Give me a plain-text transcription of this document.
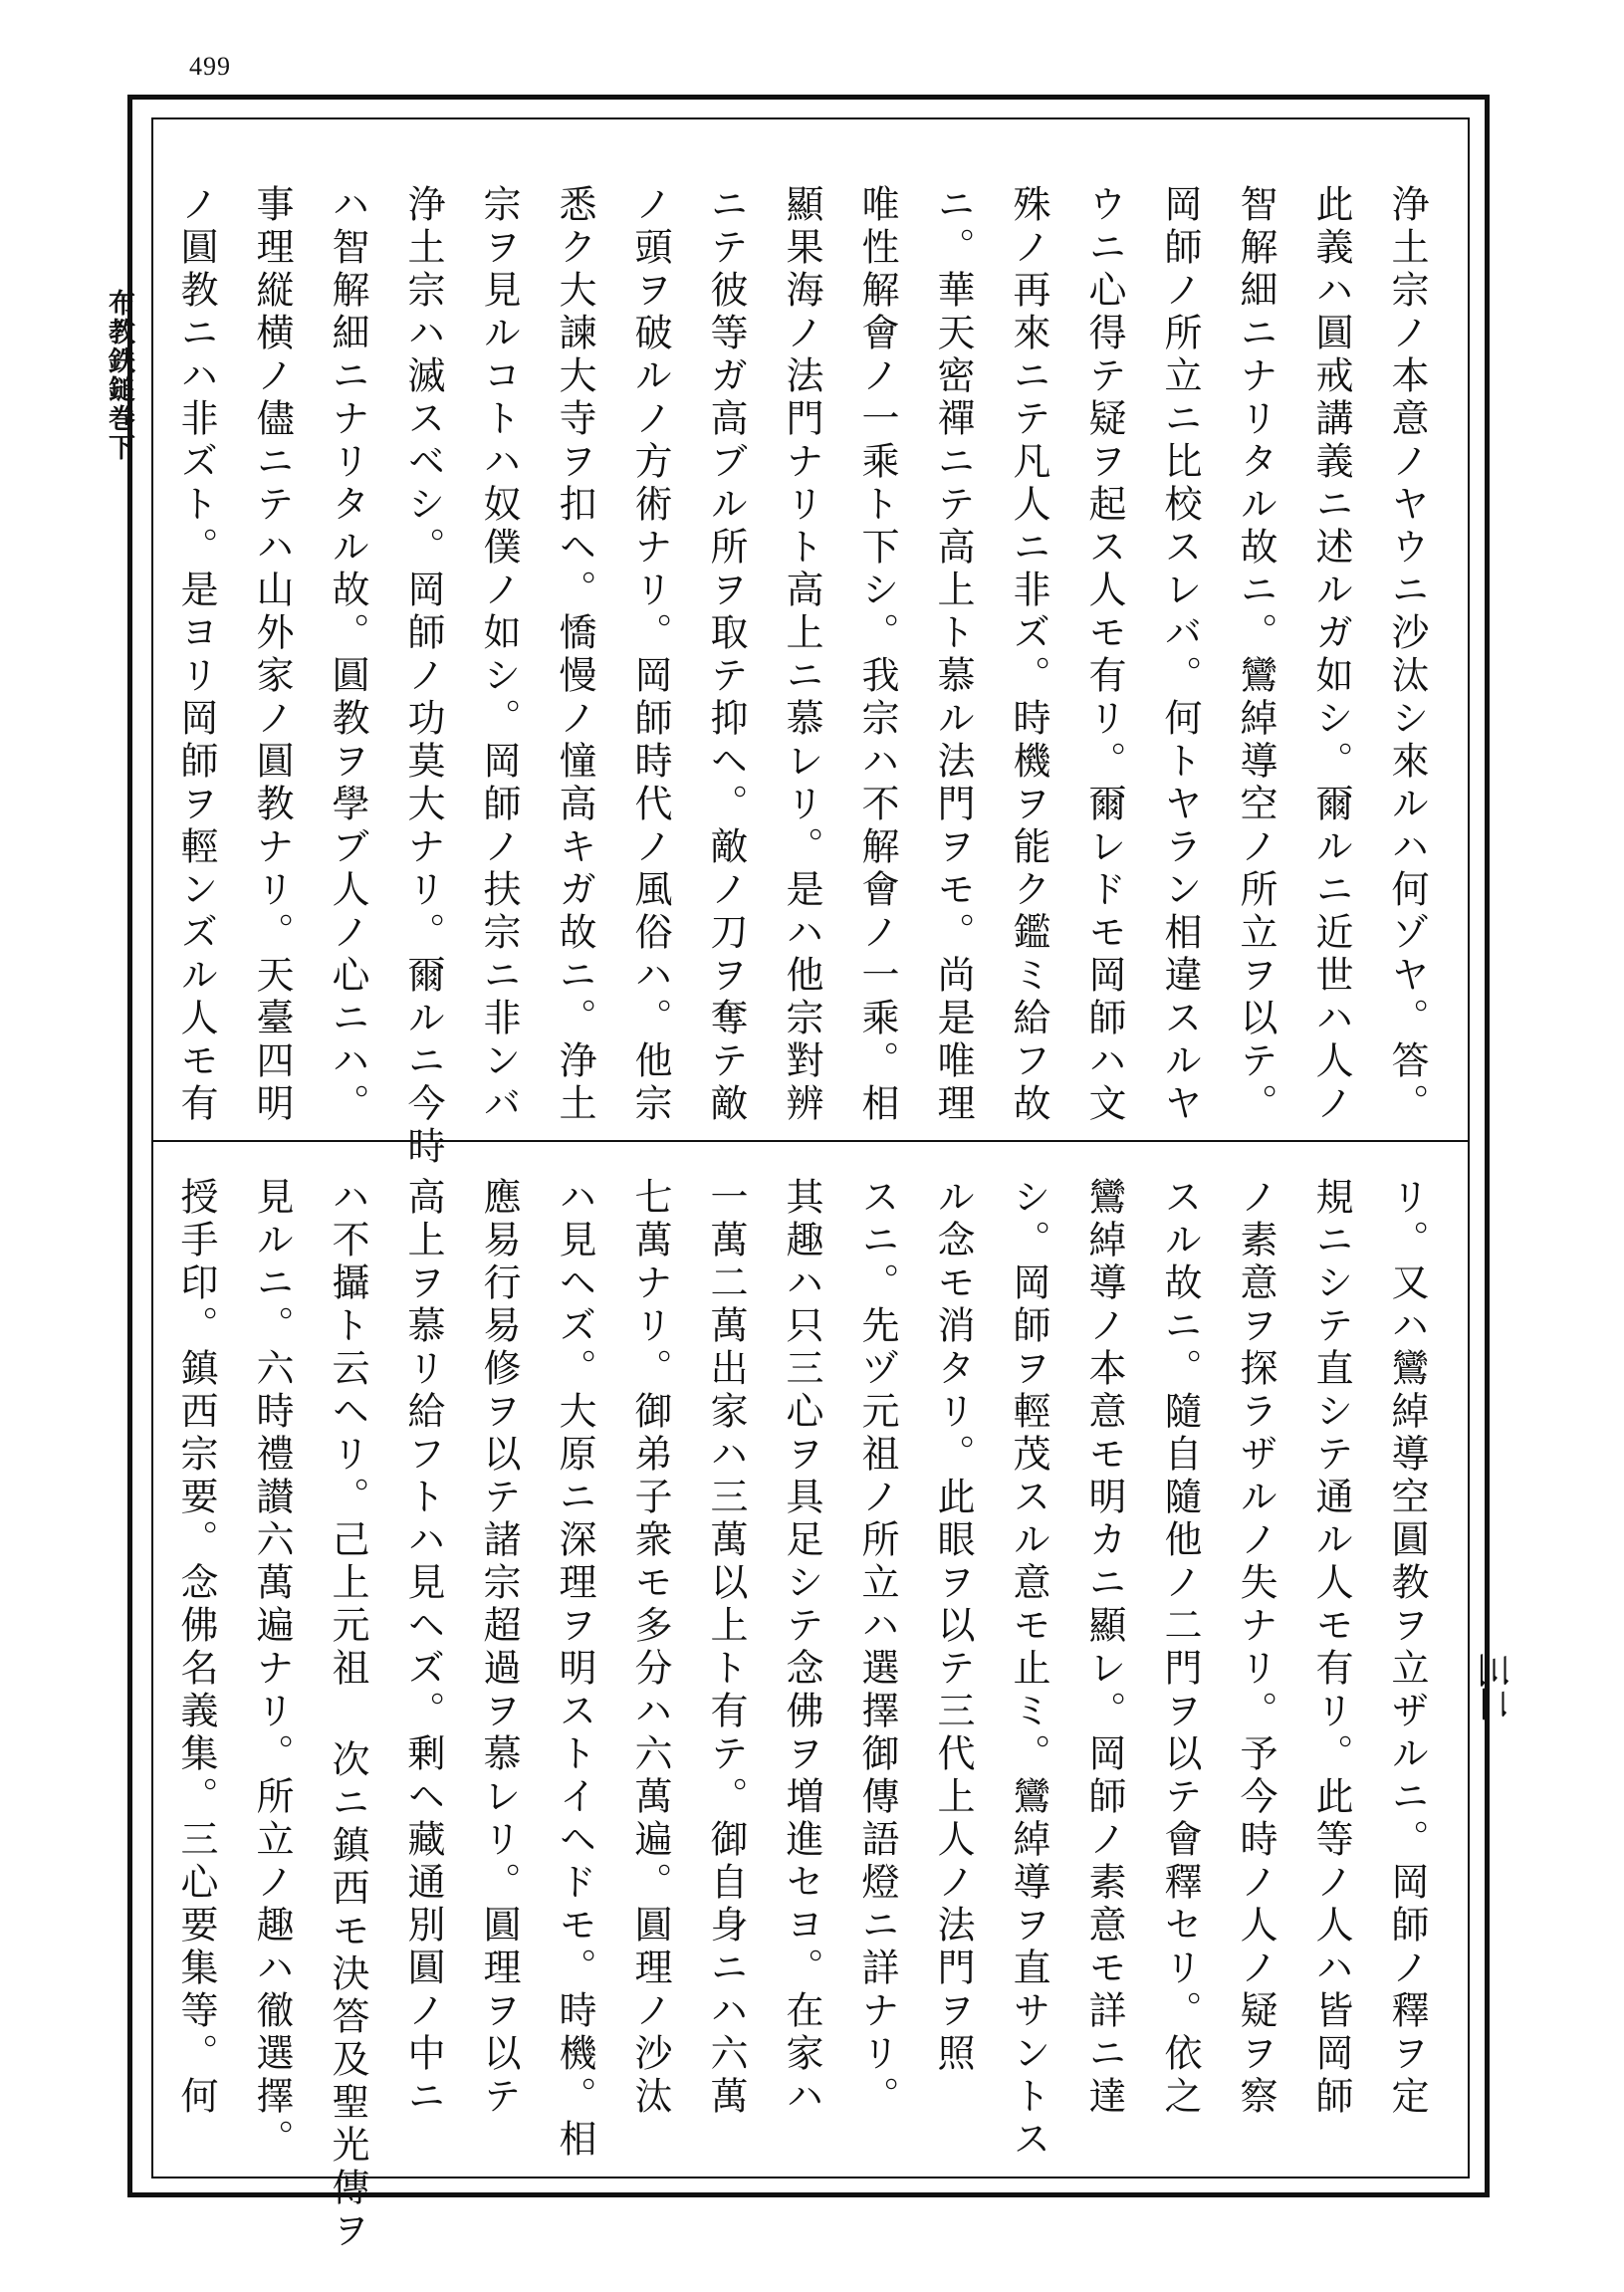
499
布教鉄鎚巻下
三二
浄土宗ノ本意ノヤウニ沙汰シ來ルハ何ゾヤ。答。
此義ハ圓戒講義ニ述ルガ如シ。爾ルニ近世ハ人ノ
智解細ニナリタル故ニ。鸞綽導空ノ所立ヲ以テ。
岡師ノ所立ニ比校スレバ。何トヤラン相違スルヤ
ウニ心得テ疑ヲ起ス人モ有リ。爾レドモ岡師ハ文
殊ノ再來ニテ凡人ニ非ズ。時機ヲ能ク鑑ミ給フ故
ニ。華天密禪ニテ高上ト慕ル法門ヲモ。尚是唯理
唯性解會ノ一乘ト下シ。我宗ハ不解會ノ一乘。相
顯果海ノ法門ナリト高上ニ慕レリ。是ハ他宗對辨
ニテ彼等ガ高ブル所ヲ取テ抑ヘ。敵ノ刀ヲ奪テ敵
ノ頭ヲ破ルノ方術ナリ。岡師時代ノ風俗ハ。他宗
悉ク大諫大寺ヲ扣ヘ。憍慢ノ憧高キガ故ニ。浄土
宗ヲ見ルコトハ奴僕ノ如シ。岡師ノ扶宗ニ非ンバ
浄土宗ハ滅スベシ。岡師ノ功莫大ナリ。爾ルニ今時
ハ智解細ニナリタル故。圓教ヲ學ブ人ノ心ニハ。
事理縦横ノ儘ニテハ山外家ノ圓教ナリ。天臺四明
ノ圓教ニハ非ズト。是ヨリ岡師ヲ輕ンズル人モ有
リ。又ハ鸞綽導空圓教ヲ立ザルニ。岡師ノ釋ヲ定
規ニシテ直シテ通ル人モ有リ。此等ノ人ハ皆岡師
ノ素意ヲ探ラザルノ失ナリ。予今時ノ人ノ疑ヲ察
スル故ニ。隨自隨他ノ二門ヲ以テ會釋セリ。依之
鸞綽導ノ本意モ明カニ顯レ。岡師ノ素意モ詳ニ達
シ。岡師ヲ輕茂スル意モ止ミ。鸞綽導ヲ直サントス
ル念モ消タリ。此眼ヲ以テ三代上人ノ法門ヲ照
スニ。先ヅ元祖ノ所立ハ選擇御傳語燈ニ詳ナリ。
其趣ハ只三心ヲ具足シテ念佛ヲ増進セヨ。在家ハ
一萬二萬出家ハ三萬以上ト有テ。御自身ニハ六萬
七萬ナリ。御弟子衆モ多分ハ六萬遍。圓理ノ沙汰
ハ見ヘズ。大原ニ深理ヲ明ストイヘドモ。時機。相
應易行易修ヲ以テ諸宗超過ヲ慕レリ。圓理ヲ以テ
高上ヲ慕リ給フトハ見ヘズ。剰ヘ藏通別圓ノ中ニ
ハ不攝ト云ヘリ。己上元祖 次ニ鎮西モ決答及聖光傳ヲ
見ルニ。六時禮讃六萬遍ナリ。所立ノ趣ハ徹選擇。
授手印。鎮西宗要。念佛名義集。三心要集等。何
